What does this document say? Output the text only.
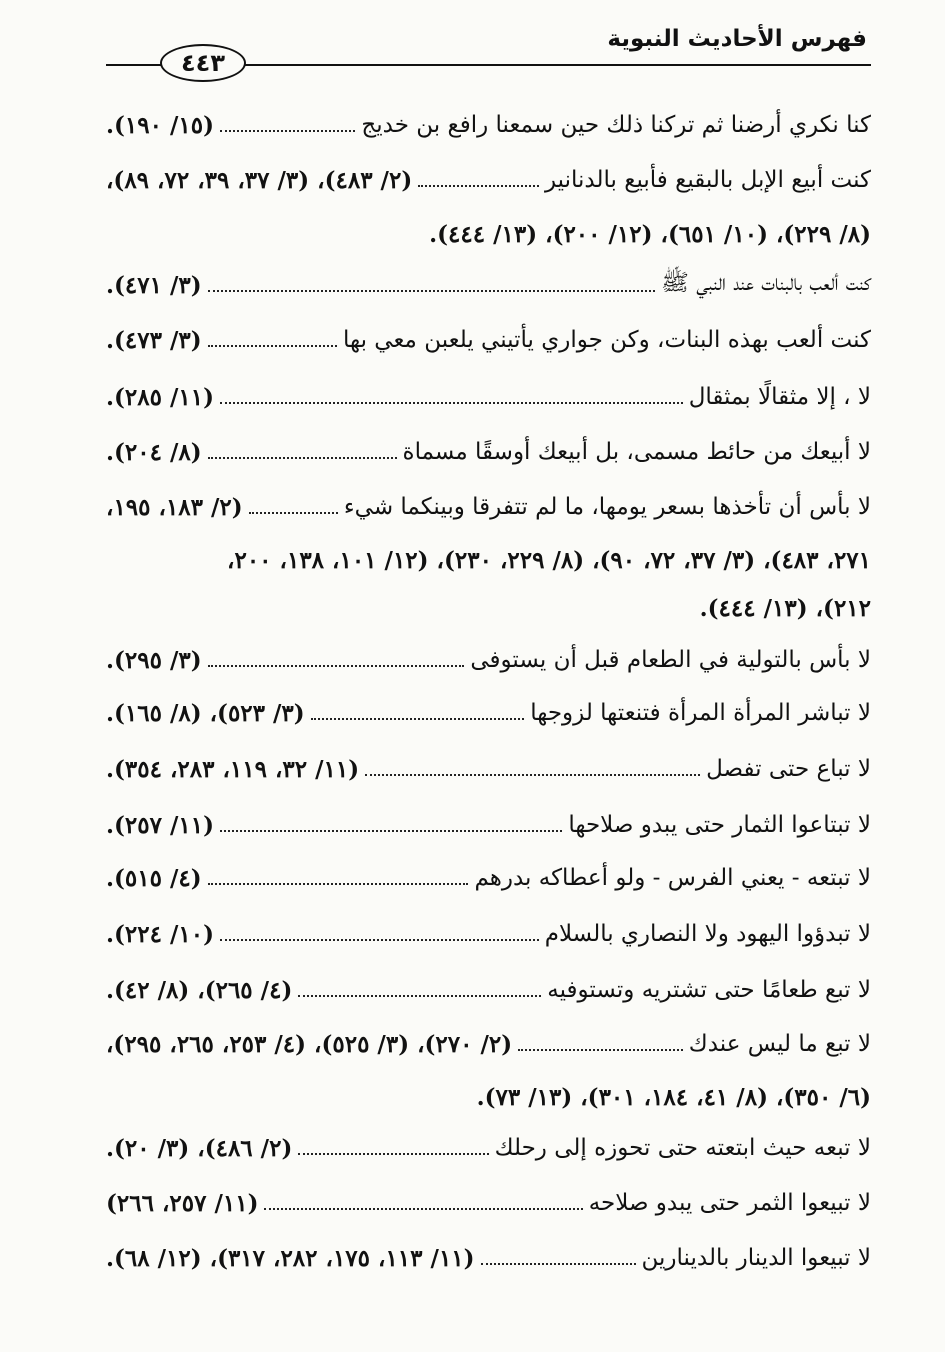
فهرس الأحاديث النبوية
٤٤٣
كنا نكري أرضنا ثم تركنا ذلك حين سمعنا رافع بن خديج
(١٥/ ١٩٠).
كنت أبيع الإبل بالبقيع فأبيع بالدنانير
(٢/ ٤٨٣)، (٣/ ٣٧، ٣٩، ٧٢، ٨٩)،
(٨/ ٢٢٩)، (١٠/ ٦٥١)، (١٢/ ٢٠٠)، (١٣/ ٤٤٤).
كنت ألعب بالبنات عند النبي ﷺ
(٣/ ٤٧١).
كنت ألعب بهذه البنات، وكن جواري يأتيني يلعبن معي بها
(٣/ ٤٧٣).
لا ، إلا مثقالًا بمثقال
(١١/ ٢٨٥).
لا أبيعك من حائط مسمى، بل أبيعك أوسقًا مسماة
(٨/ ٢٠٤).
لا بأس أن تأخذها بسعر يومها، ما لم تتفرقا وبينكما شيء
(٢/ ١٨٣، ١٩٥،
٢٧١، ٤٨٣)، (٣/ ٣٧، ٧٢، ٩٠)، (٨/ ٢٢٩، ٢٣٠)، (١٢/ ١٠١، ١٣٨، ٢٠٠،
٢١٢)، (١٣/ ٤٤٤).
لا بأس بالتولية في الطعام قبل أن يستوفى
(٣/ ٢٩٥).
لا تباشر المرأة المرأة فتنعتها لزوجها
(٣/ ٥٢٣)، (٨/ ١٦٥).
لا تباع حتى تفصل
(١١/ ٣٢، ١١٩، ٢٨٣، ٣٥٤).
لا تبتاعوا الثمار حتى يبدو صلاحها
(١١/ ٢٥٧).
لا تبتعه - يعني الفرس - ولو أعطاكه بدرهم
(٤/ ٥١٥).
لا تبدؤوا اليهود ولا النصاري بالسلام
(١٠/ ٢٢٤).
لا تبع طعامًا حتى تشتريه وتستوفيه
(٤/ ٢٦٥)، (٨/ ٤٢).
لا تبع ما ليس عندك
(٢/ ٢٧٠)، (٣/ ٥٢٥)، (٤/ ٢٥٣، ٢٦٥، ٢٩٥)،
(٦/ ٣٥٠)، (٨/ ٤١، ١٨٤، ٣٠١)، (١٣/ ٧٣).
لا تبعه حيث ابتعته حتى تحوزه إلى رحلك
(٢/ ٤٨٦)، (٣/ ٢٠).
لا تبيعوا الثمر حتى يبدو صلاحه
(١١/ ٢٥٧، ٢٦٦)
لا تبيعوا الدينار بالدينارين
(١١/ ١١٣، ١٧٥، ٢٨٢، ٣١٧)، (١٢/ ٦٨).
